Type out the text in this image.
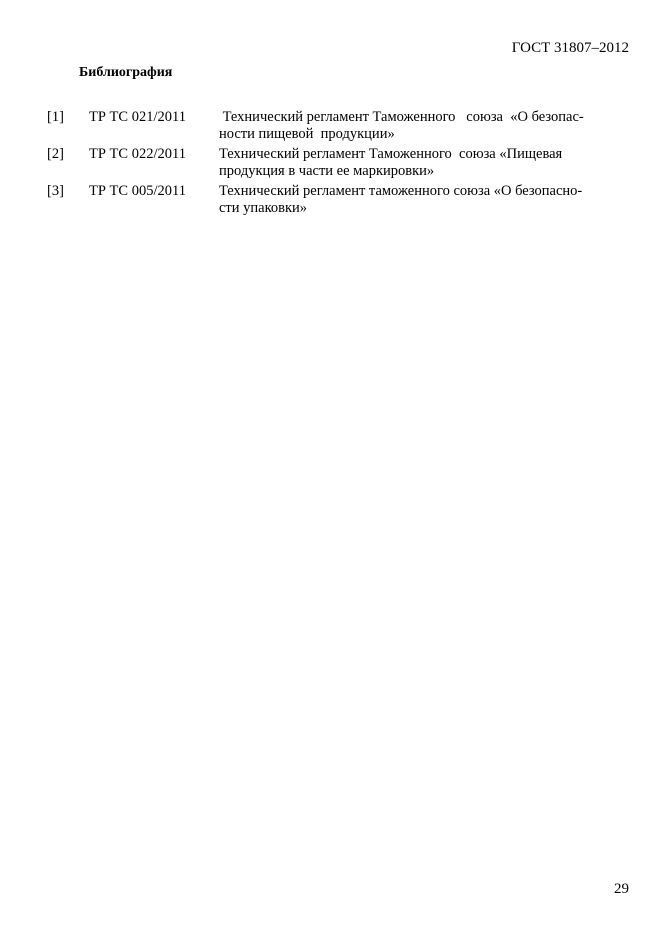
ГОСТ 31807–2012
Библиография
[1] ТР ТС 021/2011 Технический регламент Таможенного   союза  «О безопас-
ности пищевой  продукции»
[2] ТР ТС 022/2011 Технический регламент Таможенного  союза «Пищевая
продукция в части ее маркировки»
[3] ТР ТС 005/2011 Технический регламент таможенного союза «О безопасно-
сти упаковки»
29
